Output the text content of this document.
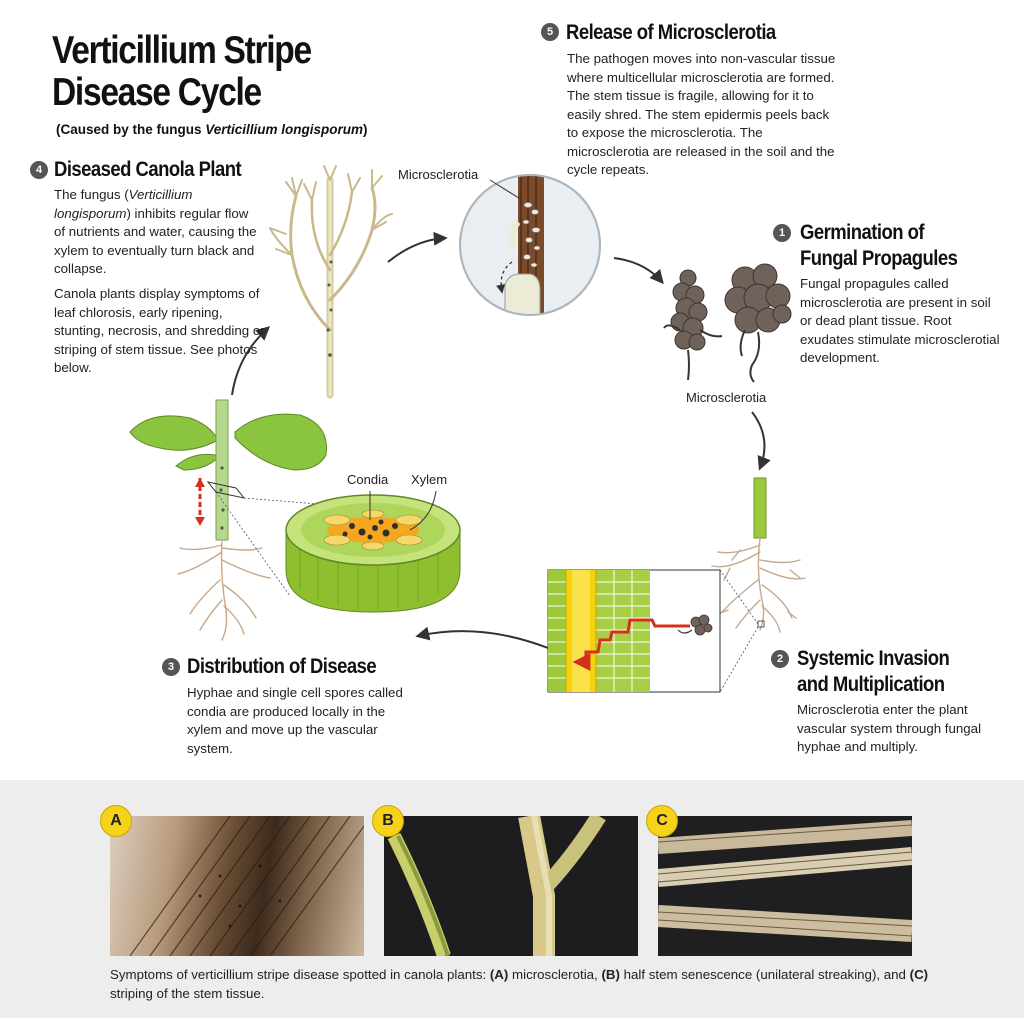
Verticillium Stripe
Disease Cycle
(Caused by the fungus Verticillium longisporum)
5 Release of Microsclerotia
The pathogen moves into non-vascular tissue where multicellular microsclerotia are formed. The stem tissue is fragile, allowing for it to easily shred. The stem epidermis peels back to expose the microsclerotia. The microsclerotia are released in the soil and the cycle repeats.
4 Diseased Canola Plant
The fungus (Verticillium longisporum) inhibits regular flow of nutrients and water, causing the xylem to eventually turn black and collapse.
Canola plants display symptoms of leaf chlorosis, early ripening, stunting, necrosis, and shredding or striping of stem tissue. See photos below.
1 Germination of
Fungal Propagules
Fungal propagules called microsclerotia are present in soil or dead plant tissue. Root exudates stimulate microsclerotial development.
2 Systemic Invasion
and Multiplication
Microsclerotia enter the plant vascular system through fungal hyphae and multiply.
3 Distribution of Disease
Hyphae and single cell spores called condia are produced locally in the xylem and move up the vascular system.
Microsclerotia
Microsclerotia
Condia Xylem
A	B	C
Symptoms of verticillium stripe disease spotted in canola plants: (A) microsclerotia, (B) half stem senescence (unilateral streaking), and (C) striping of the stem tissue.
